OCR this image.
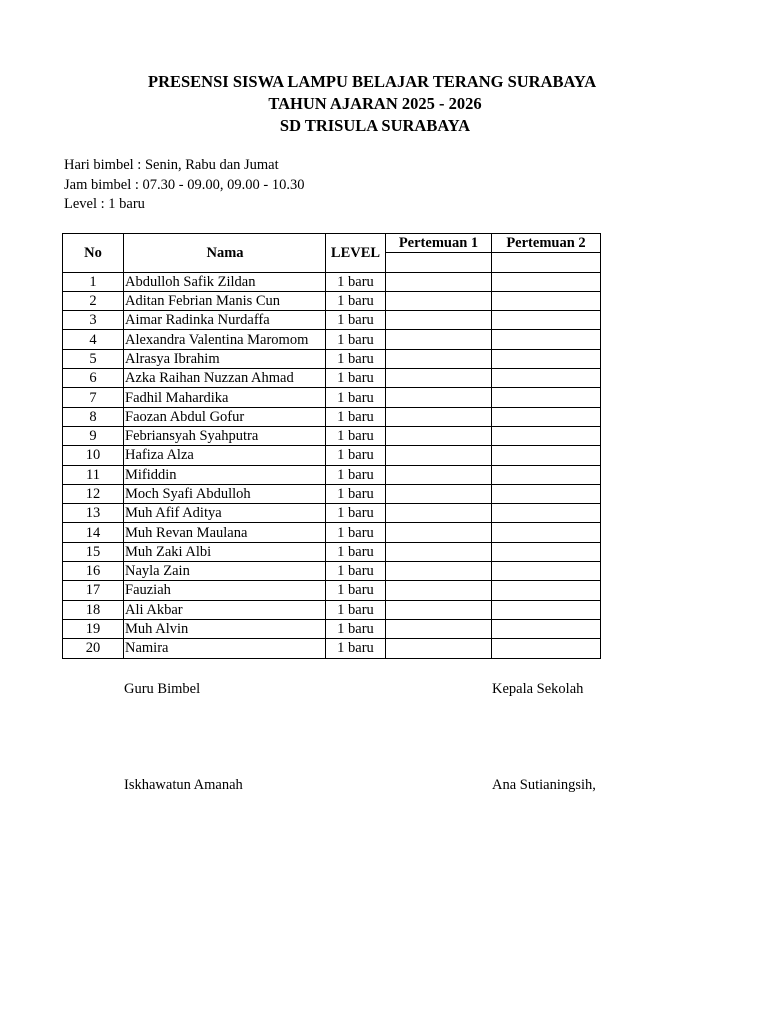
PRESENSI SISWA LAMPU BELAJAR TERANG SURABAYA
TAHUN AJARAN 2025 - 2026
SD TRISULA SURABAYA
Hari bimbel : Senin, Rabu dan Jumat
Jam bimbel : 07.30 - 09.00, 09.00 - 10.30
Level : 1 baru
No	Nama	LEVEL	Pertemuan 1	Pertemuan 2

1	Abdulloh Safik Zildan	1 baru		
2	Aditan Febrian Manis Cun	1 baru		
3	Aimar Radinka Nurdaffa	1 baru		
4	Alexandra Valentina Maromom	1 baru		
5	Alrasya Ibrahim	1 baru		
6	Azka Raihan Nuzzan Ahmad	1 baru		
7	Fadhil Mahardika	1 baru		
8	Faozan Abdul Gofur	1 baru		
9	Febriansyah Syahputra	1 baru		
10	Hafiza Alza	1 baru		
11	Mifiddin	1 baru		
12	Moch Syafi Abdulloh	1 baru		
13	Muh Afif Aditya	1 baru		
14	Muh Revan Maulana	1 baru		
15	Muh Zaki Albi	1 baru		
16	Nayla Zain	1 baru		
17	Fauziah	1 baru		
18	Ali Akbar	1 baru		
19	Muh Alvin	1 baru		
20	Namira	1 baru		
Guru Bimbel	Kepala Sekolah
Iskhawatun Amanah	Ana Sutianingsih,
